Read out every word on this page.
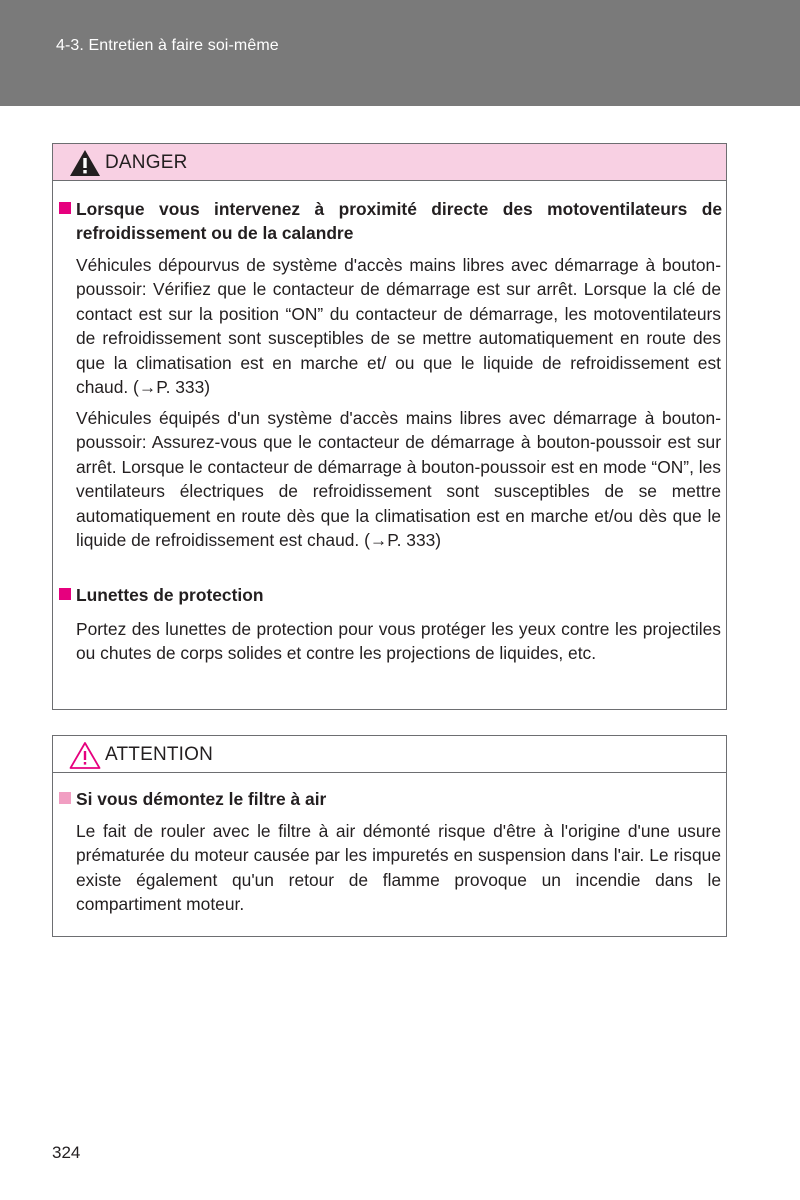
4-3. Entretien à faire soi-même
DANGER
Lorsque vous intervenez à proximité directe des motoventilateurs de refroidissement ou de la calandre

Véhicules dépourvus de système d'accès mains libres avec démarrage à bouton-poussoir: Vérifiez que le contacteur de démarrage est sur arrêt. Lorsque la clé de contact est sur la position “ON” du contacteur de démarrage, les motoventilateurs de refroidissement sont susceptibles de se mettre automatiquement en route des que la climatisation est en marche et/ ou que le liquide de refroidissement est chaud. (→P. 333)

Véhicules équipés d'un système d'accès mains libres avec démarrage à bouton-poussoir: Assurez-vous que le contacteur de démarrage à bouton-poussoir est sur arrêt. Lorsque le contacteur de démarrage à bouton-poussoir est en mode “ON”, les ventilateurs électriques de refroidissement sont susceptibles de se mettre automatiquement en route dès que la climatisation est en marche et/ou dès que le liquide de refroidissement est chaud. (→P. 333)

Lunettes de protection

Portez des lunettes de protection pour vous protéger les yeux contre les projectiles ou chutes de corps solides et contre les projections de liquides, etc.

ATTENTION
Si vous démontez le filtre à air

Le fait de rouler avec le filtre à air démonté risque d'être à l'origine d'une usure prématurée du moteur causée par les impuretés en suspension dans l'air. Le risque existe également qu'un retour de flamme provoque un incendie dans le compartiment moteur.

324
